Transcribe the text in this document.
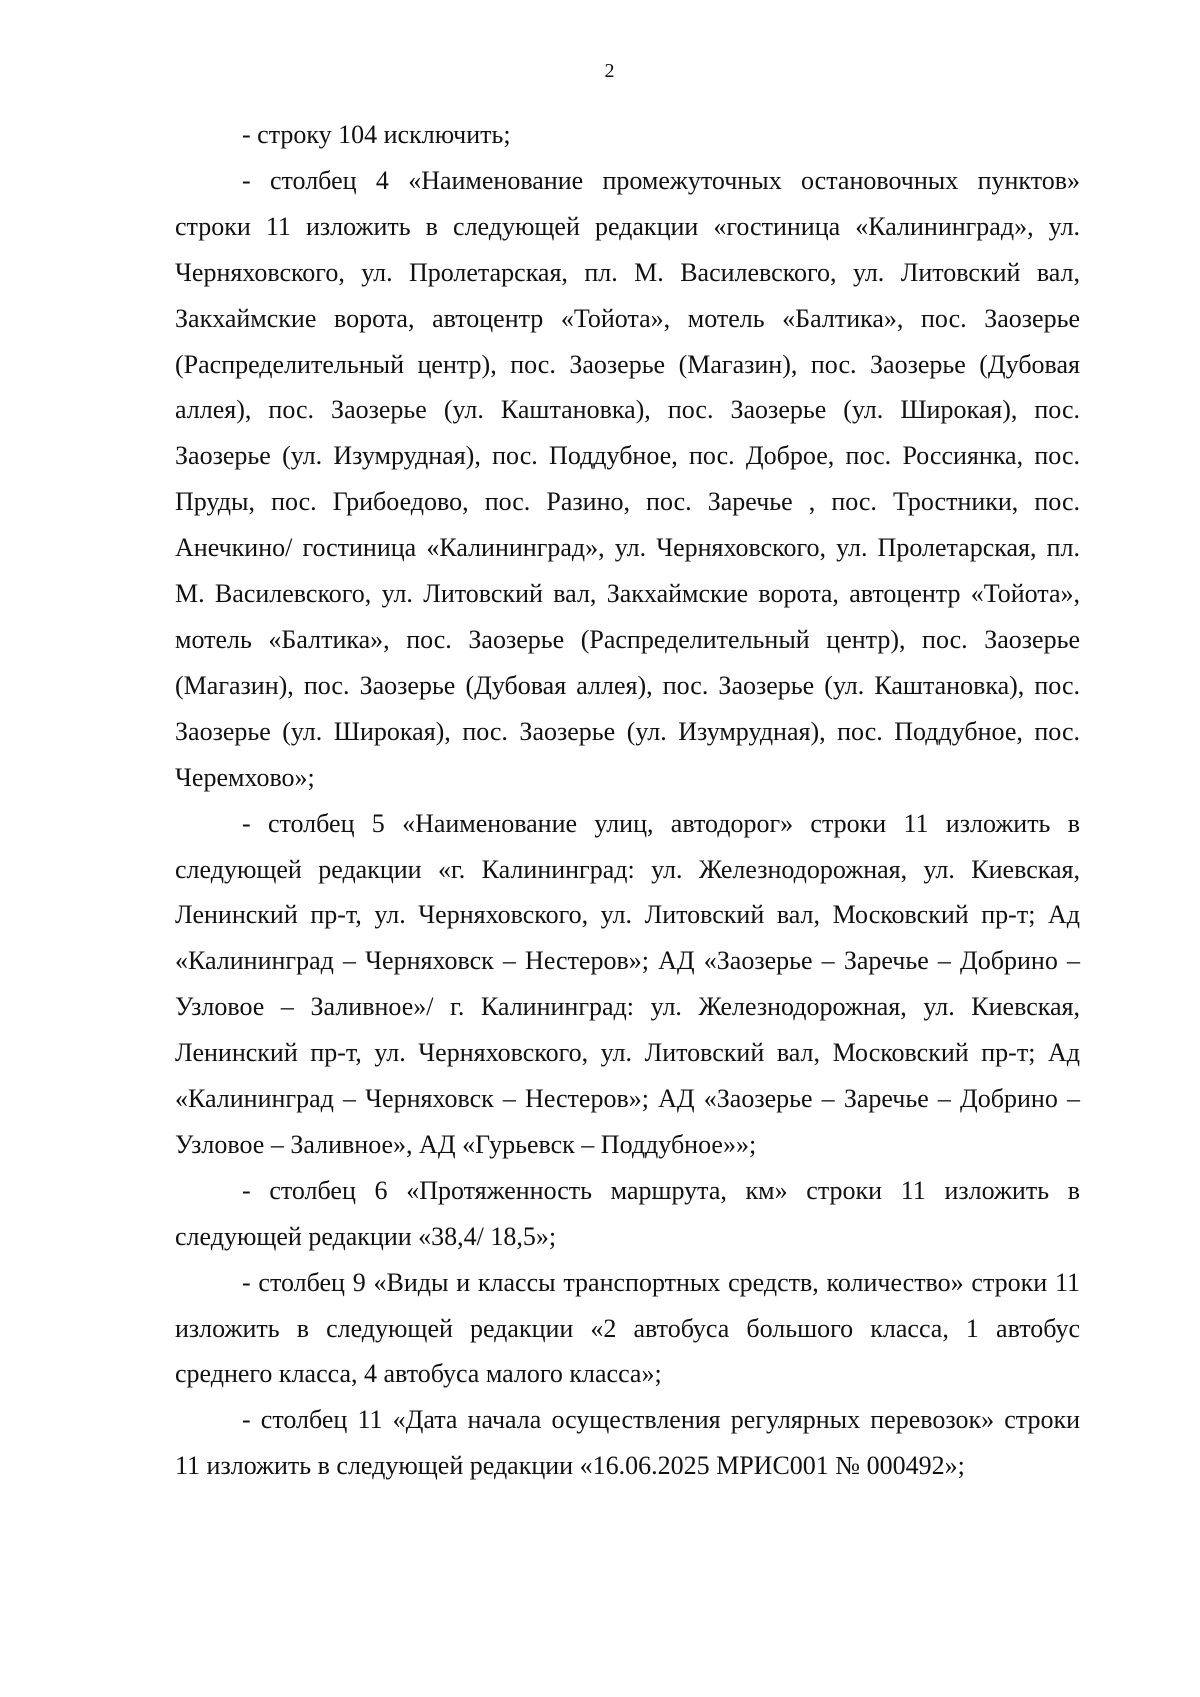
2

- строку 104 исключить;

- столбец 4 «Наименование промежуточных остановочных пунктов» строки 11 изложить в следующей редакции «гостиница «Калининград», ул. Черняховского, ул. Пролетарская, пл. М. Василевского, ул. Литовский вал, Закхаймские ворота, автоцентр «Тойота», мотель «Балтика», пос. Заозерье (Распределительный центр), пос. Заозерье (Магазин), пос. Заозерье (Дубовая аллея), пос. Заозерье (ул. Каштановка), пос. Заозерье (ул. Широкая), пос. Заозерье (ул. Изумрудная), пос. Поддубное, пос. Доброе, пос. Россиянка, пос. Пруды, пос. Грибоедово, пос. Разино, пос. Заречье , пос. Тростники, пос. Анечкино/ гостиница «Калининград», ул. Черняховского, ул. Пролетарская, пл. М. Василевского, ул. Литовский вал, Закхаймские ворота, автоцентр «Тойота», мотель «Балтика», пос. Заозерье (Распределительный центр), пос. Заозерье (Магазин), пос. Заозерье (Дубовая аллея), пос. Заозерье (ул. Каштановка), пос. Заозерье (ул. Широкая), пос. Заозерье (ул. Изумрудная), пос. Поддубное, пос. Черемхово»;

- столбец 5 «Наименование улиц, автодорог» строки 11 изложить в следующей редакции «г. Калининград: ул. Железнодорожная, ул. Киевская, Ленинский пр-т, ул. Черняховского, ул. Литовский вал, Московский пр-т; Ад «Калининград – Черняховск – Нестеров»; АД «Заозерье – Заречье – Добрино – Узловое – Заливное»/ г. Калининград: ул. Железнодорожная, ул. Киевская, Ленинский пр-т, ул. Черняховского, ул. Литовский вал, Московский пр-т; Ад «Калининград – Черняховск – Нестеров»; АД «Заозерье – Заречье – Добрино – Узловое – Заливное», АД «Гурьевск – Поддубное»»;

- столбец 6 «Протяженность маршрута, км» строки 11 изложить в следующей редакции «38,4/ 18,5»;

- столбец 9 «Виды и классы транспортных средств, количество» строки 11 изложить в следующей редакции «2 автобуса большого класса, 1 автобус среднего класса, 4 автобуса малого класса»;

- столбец 11 «Дата начала осуществления регулярных перевозок» строки 11 изложить в следующей редакции «16.06.2025 МРИС001 № 000492»;
